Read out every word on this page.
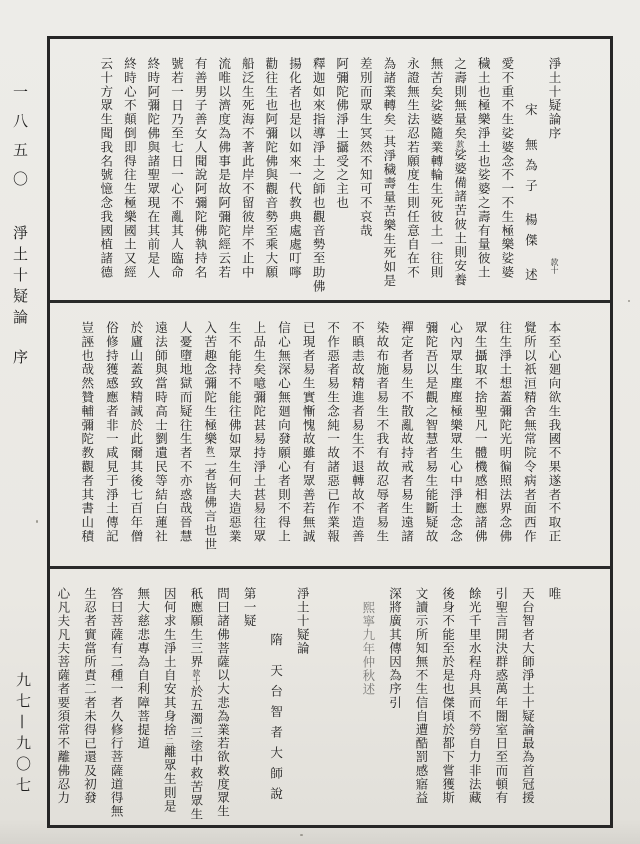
一八五〇 淨土十疑論 序
九七—九〇七

淨土十疑論序款十

宋無為子楊傑述

愛不重不生娑婆念不一不生極樂娑婆

穢土也極樂淨土也娑婆之壽有量彼土

之壽則無量矣款娑婆備諸苦彼土則安養

無苦矣娑婆隨業轉輪生死彼土一往則

永證無生法忍若願度生則任意自在不

為諸業轉矣一其淨穢壽量苦樂生死如是

差別而眾生冥然不知可不哀哉

阿彌陀佛淨土攝受之主也

釋迦如來指導淨土之師也觀音勢至助佛

揚化者也是以如來一代教典處處叮嚀

勸往生也阿彌陀佛與觀音勢至乘大願

船泛生死海不著此岸不留彼岸不止中

流唯以濟度為佛事是故阿彌陀經云若

有善男子善女人聞說阿彌陀佛執持名

號若一日乃至七日一心不亂其人臨命

終時阿彌陀佛與諸聖眾現在其前是人

終時心不顛倒即得往生極樂國土又經

云十方眾生聞我名號憶念我國植諸德

本至心廻向欲生我國不果遂者不取正

覺所以祇洹精舍無常院令病者面西作

往生淨土想蓋彌陀光明徧照法界念佛

眾生攝取不捨聖凡一體機感相應諸佛

心內眾生塵塵極樂眾生心中淨土念念

彌陀吾以是觀之智慧者易生能斷疑故

禪定者易生不散亂故持戒者易生遠諸

染故布施者易生不我有故忍辱者易生

不瞋恚故精進者易生不退轉故不造善

不作惡者易生念純一故諸惡已作業報

已現者易生實慚愧故雖有眾善若無誠

信心無深心無廻向發願心者則不得上

上品生矣噫彌陀甚易持淨土甚易往眾

生不能持不能往佛如眾生何夫造惡業

入苦趣念彌陀生極樂敎二者皆佛言也世

人憂墮地獄而疑往生者不亦惑哉晉慧

遠法師與當時高士劉遺民等結白蓮社

於廬山蓋致精誠於此爾其後七百年僧

俗修持獲感應者非一咸見于淨土傳記

豈誣也哉然贊輔彌陀教觀者其書山積

唯

天台智者大師淨土十疑論最為首冠援

引聖言開決群惑萬年闇室日至而頓有

餘光千里水程舟具而不勞自力非法藏

後身不能至於是也傑頃於都下嘗獲斯

文讀示所知無不生信自遭酷罰感寤益

深將廣其傳因為序引

熙寧九年仲秋述

淨土十疑論

隋天台智者大師說

第一疑

問曰諸佛菩薩以大悲為業若欲救度眾生

秖應願生三界款十於五濁三塗中救苦眾生

因何求生淨土自安其身捨二離眾生則是

無大慈悲專為自利障菩提道

答曰菩薩有二種一者久修行菩薩道得無

生忍者實當所責二者未得已還及初發

心凡夫凡夫菩薩者要須常不離佛忍力
